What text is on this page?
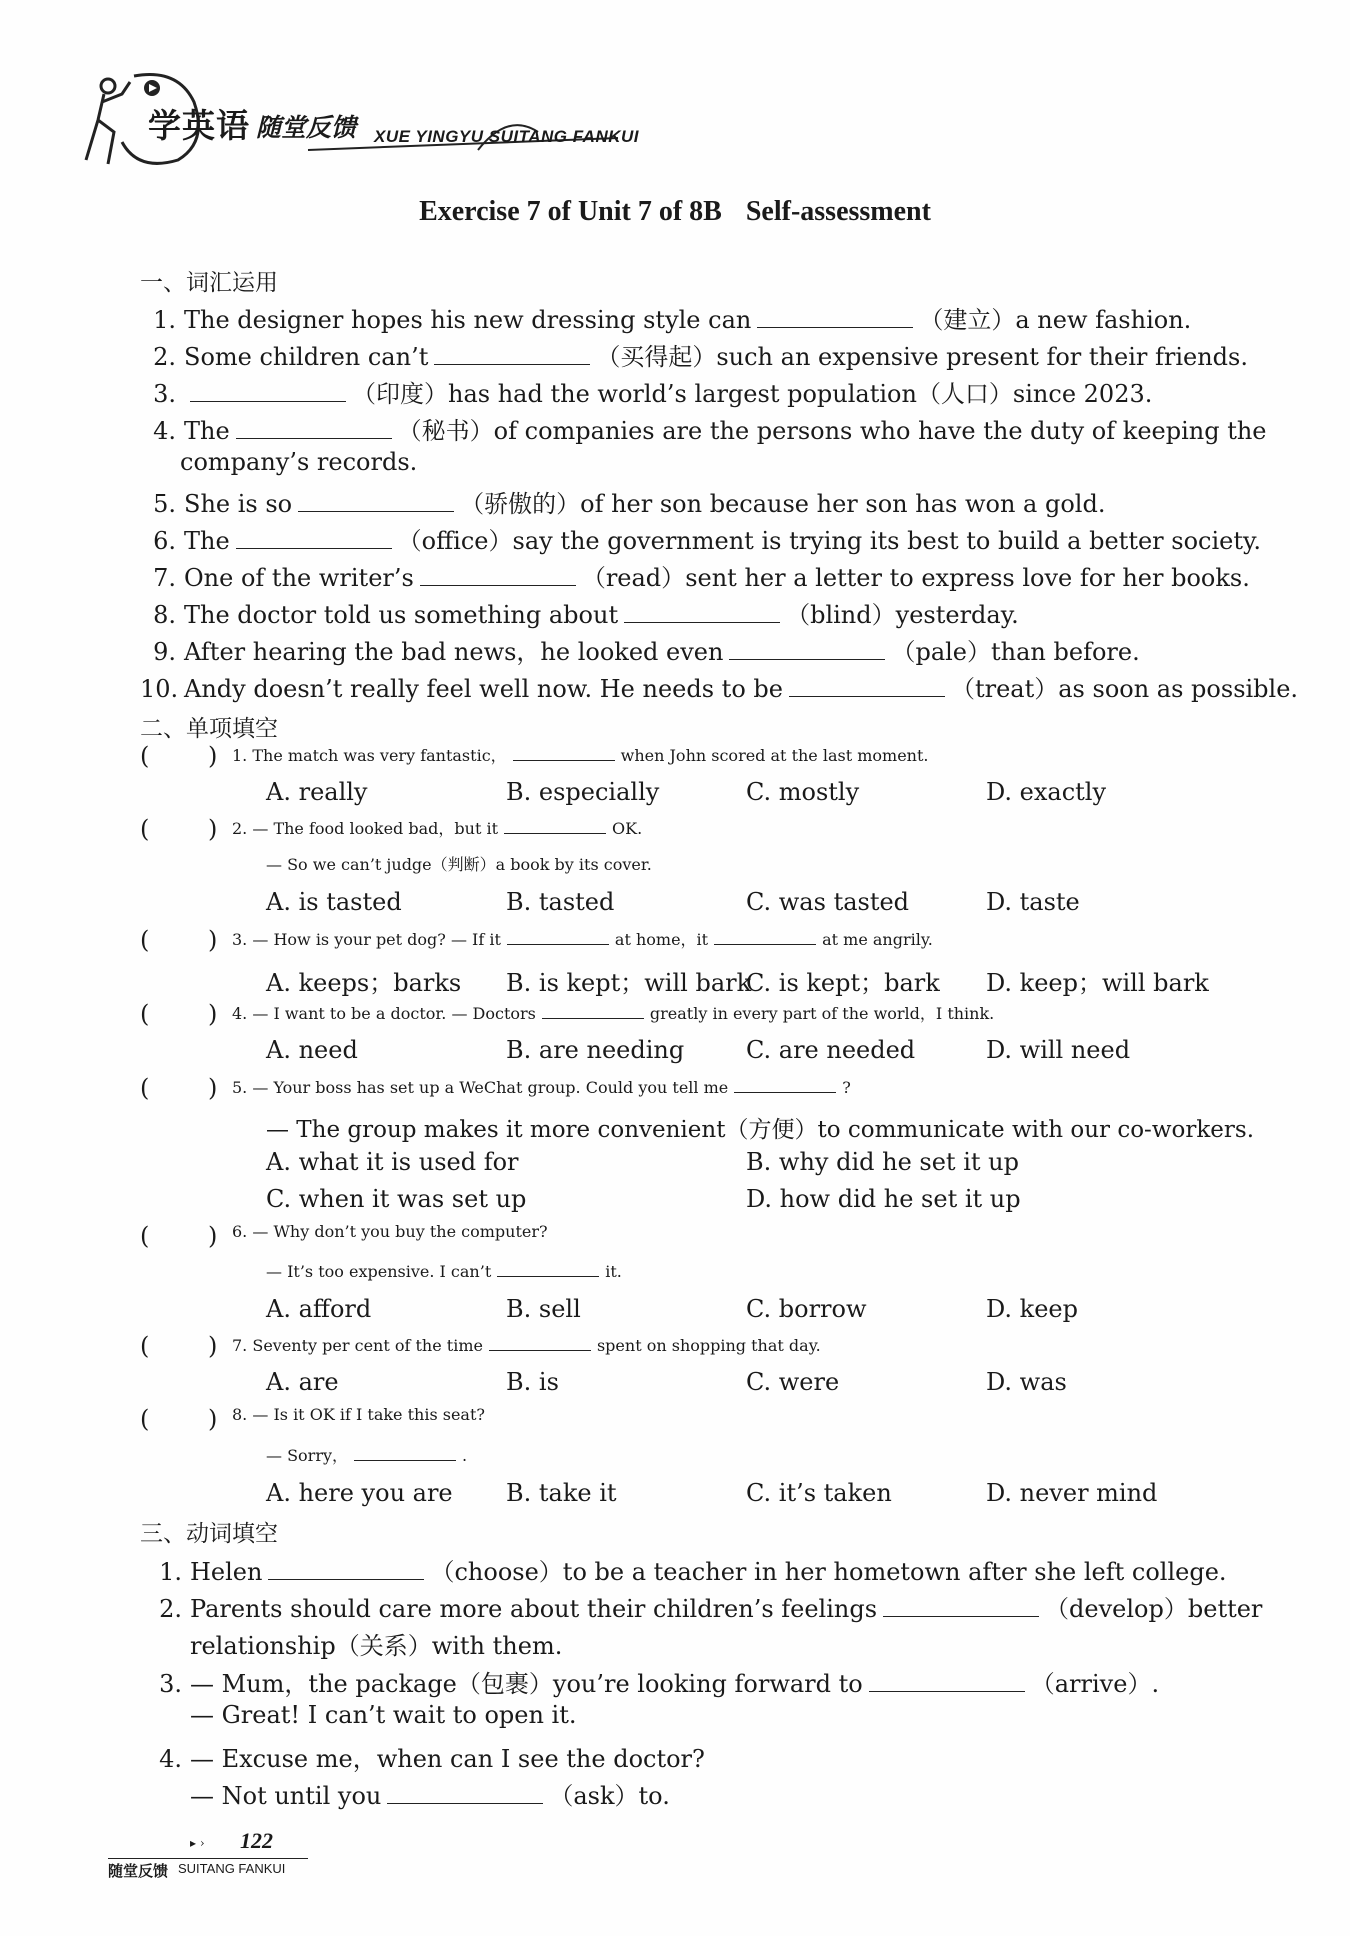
学英语 随堂反馈 XUE YINGYU SUITANG FANKUI
Exercise 7 of Unit 7 of 8B Self-assessment
一、词汇运用
1. The designer hopes his new dressing style can	（建立）a new fashion.
2. Some children can’t	（买得起）such an expensive present for their friends.
3.	（印度）has had the world’s largest population（人口）since 2023.
4. The	（秘书）of companies are the persons who have the duty of keeping the
company’s records.
5. She is so	（骄傲的）of her son because her son has won a gold.
6. The	（office）say the government is trying its best to build a better society.
7. One of the writer’s	（read）sent her a letter to express love for her books.
8. The doctor told us something about	（blind）yesterday.
9. After hearing the bad news，he looked even	（pale）than before.
10. Andy doesn’t really feel well now. He needs to be	（treat）as soon as possible.
二、单项填空
( ) 1. The match was very fantastic，	when John scored at the last moment.
A. really	B. especially	C. mostly	D. exactly
( ) 2. — The food looked bad，but it	OK.
— So we can’t judge（判断）a book by its cover.
A. is tasted	B. tasted	C. was tasted	D. taste
( ) 3. — How is your pet dog? — If it	at home，it	at me angrily.
A. keeps；barks B. is kept；will bark
C. is kept；bark D. keep；will bark
( ) 4. — I want to be a doctor. — Doctors	greatly in every part of the world，I think.
A. need	B. are needing	C. are needed	D. will need
( ) 5. — Your boss has set up a WeChat group. Could you tell me	?
— The group makes it more convenient（方便）to communicate with our co-workers.
A. what it is used for	B. why did he set it up
C. when it was set up	D. how did he set it up
( ) 6. — Why don’t you buy the computer?
— It’s too expensive. I can’t	it.
A. afford	B. sell	C. borrow	D. keep
( ) 7. Seventy per cent of the time	spent on shopping that day.
A. are	B. is	C. were	D. was
( ) 8. — Is it OK if I take this seat?
— Sorry，	.
A. here you are B. take it	C. it’s taken	D. never mind
三、动词填空
1. Helen	（choose）to be a teacher in her hometown after she left college.
2. Parents should care more about their children’s feelings	（develop）better
relationship（关系）with them.
3. — Mum，the package（包裹）you’re looking forward to	（arrive）.
— Great! I can’t wait to open it.
4. — Excuse me，when can I see the doctor?
— Not until you	（ask）to.
▸ › 122
随堂反馈 SUITANG FANKUI
